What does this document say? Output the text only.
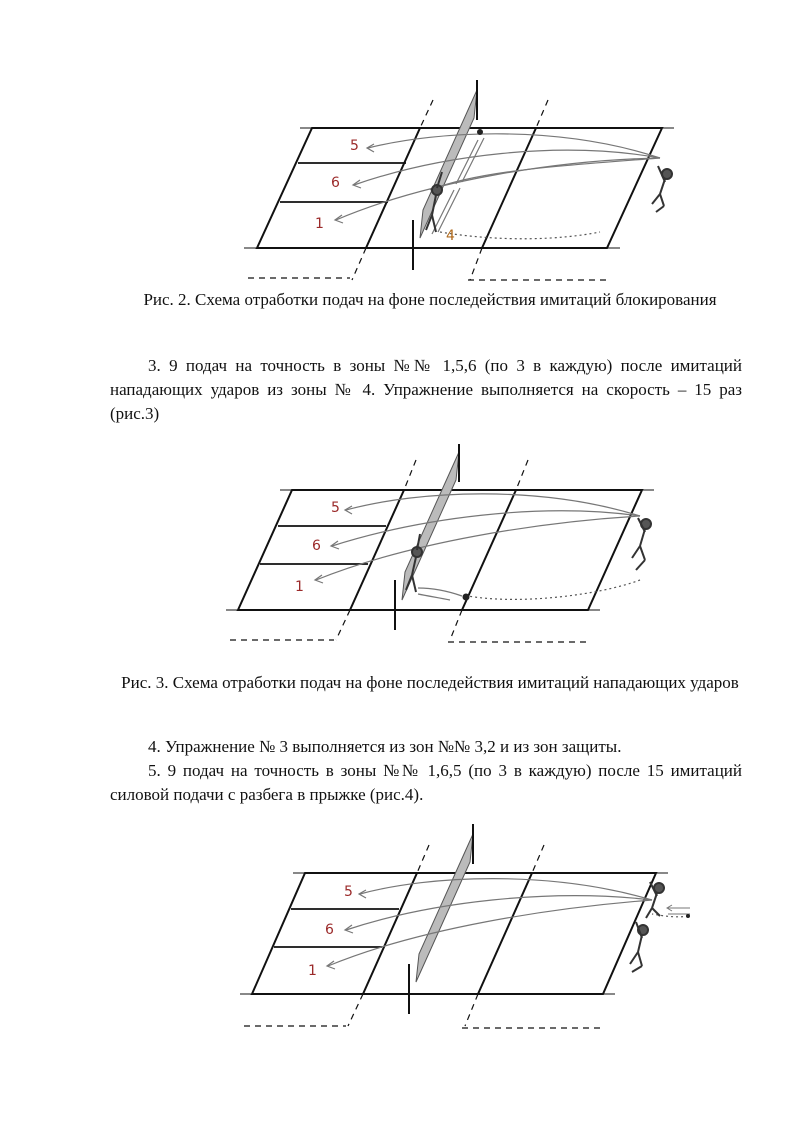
5
6
1
4
Рис. 2. Схема отработки подач на фоне последействия имитаций блокирования

3. 9 подач на точность в зоны №№ 1,5,6 (по 3 в каждую) после имитаций нападающих ударов из зоны № 4. Упражнение выполняется на скорость – 15 раз (рис.3)

5
6
1
Рис. 3. Схема отработки подач на фоне последействия имитаций нападающих ударов

4. Упражнение № 3 выполняется из зон №№ 3,2 и из зон защиты.

5. 9 подач на точность в зоны №№ 1,6,5 (по 3 в каждую) после 15 имитаций силовой подачи с разбега в прыжке (рис.4).

5
6
1
